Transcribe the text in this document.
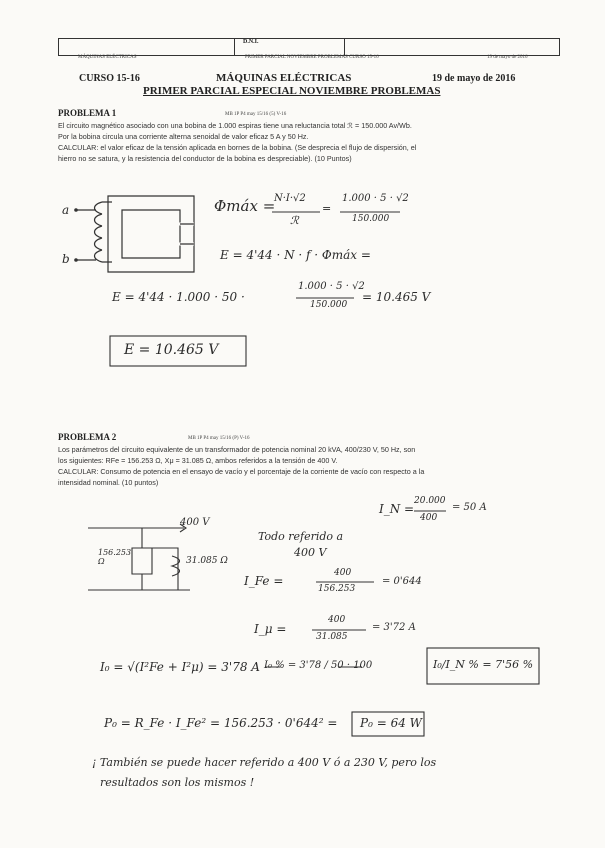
D.N.I.
MÁQUINAS ELÉCTRICAS	PRIMER PARCIAL NOVIEMBRE PROBLEMAS CURSO 15-16	19 de mayo de 2016
CURSO 15-16	MÁQUINAS ELÉCTRICAS	19 de mayo de 2016
PRIMER PARCIAL ESPECIAL NOVIEMBRE PROBLEMAS
PROBLEMA 1	MB 1P P4 may 15/16 (5) V-16
El circuito magnético asociado con una bobina de 1.000 espiras tiene una reluctancia total ℛ = 150.000 Av/Wb.
Por la bobina circula una corriente alterna senoidal de valor eficaz 5 A y 50 Hz.
CALCULAR: el valor eficaz de la tensión aplicada en bornes de la bobina. (Se desprecia el flujo de dispersión, el
hierro no se satura, y la resistencia del conductor de la bobina es despreciable). (10 Puntos)
a
b
Φmáx =
N·I·√2
ℛ
=
1.000 · 5 · √2
150.000
E = 4'44 · N · f · Φmáx =
E = 4'44 · 1.000 · 50 ·
1.000 · 5 · √2
150.000
= 10.465 V
E = 10.465 V
PROBLEMA 2	MB 1P P4 may 15/16 (P) V-16
Los parámetros del circuito equivalente de un transformador de potencia nominal 20 kVA, 400/230 V, 50 Hz, son
los siguientes: RFe = 156.253 Ω, Xμ = 31.085 Ω, ambos referidos a la tensión de 400 V.
CALCULAR: Consumo de potencia en el ensayo de vacío y el porcentaje de la corriente de vacío con respecto a la
intensidad nominal. (10 puntos)
I_N =
20.000
400
= 50 A
400 V
156.253 Ω	31.085 Ω
Todo referido a
400 V
I_Fe =
400
156.253
= 0'644
I_μ =
400
31.085
= 3'72 A
I₀ = √(I²Fe + I²μ) = 3'78 A I₀ % = 3'78 / 50 · 100	I₀/I_N % = 7'56 %
P₀ = R_Fe · I_Fe² = 156.253 · 0'644² = P₀ = 64 W
¡ También se puede hacer referido a 400 V ó a 230 V, pero los
resultados son los mismos !
